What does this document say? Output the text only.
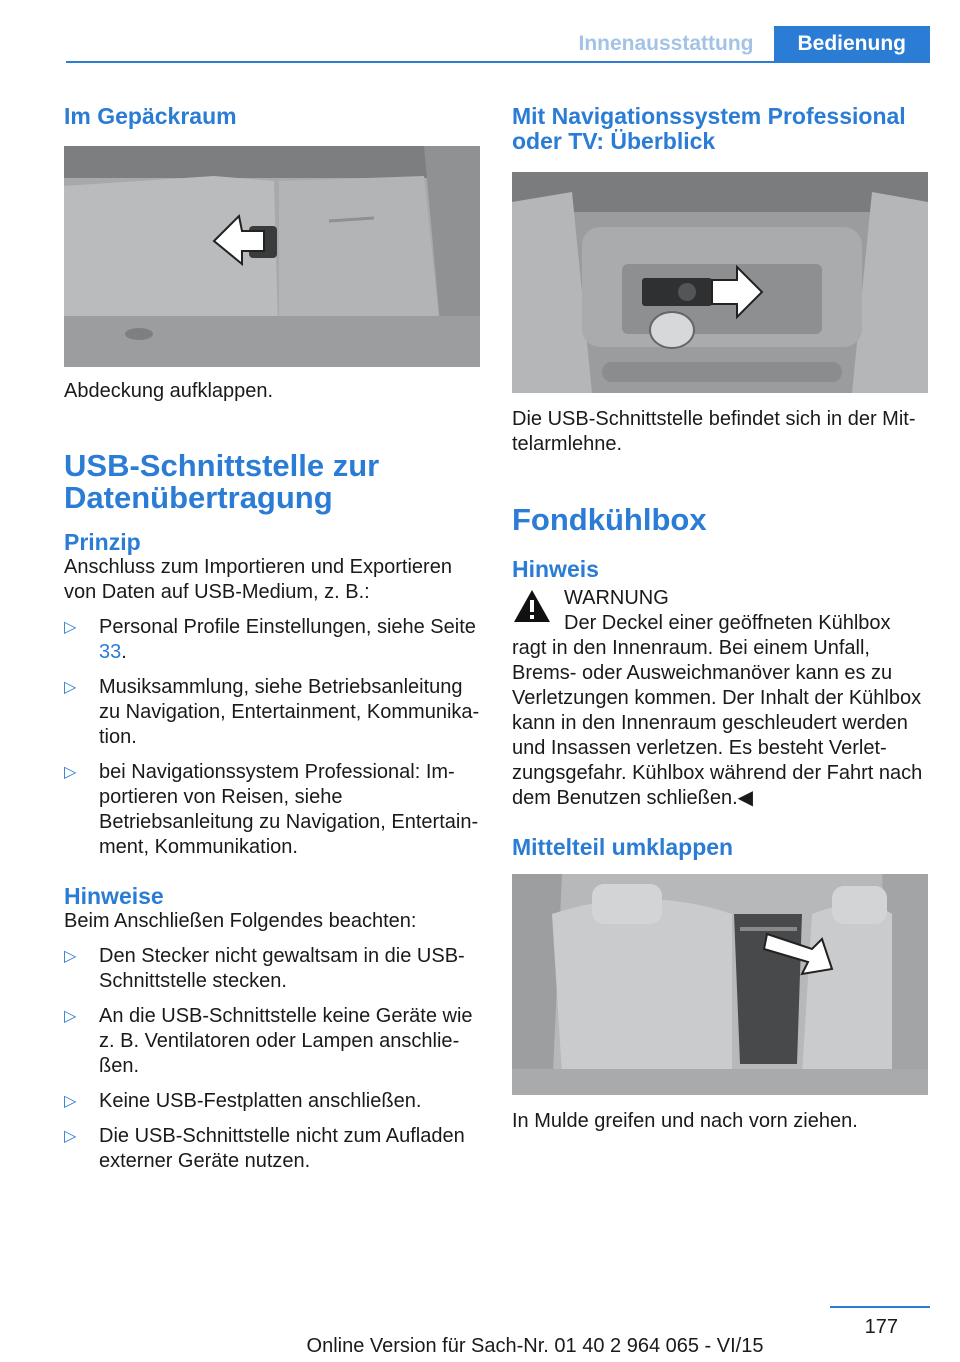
Innenausstattung	Bedienung
Im Gepäckraum

Abdeckung aufklappen.

USB-Schnittstelle zur
Datenübertragung
Prinzip

Anschluss zum Importieren und Exportieren von Daten auf USB-Medium, z. B.:

▷ Personal Profile Einstellungen, siehe Seite 33.
▷ Musiksammlung, siehe Betriebsanleitung zu Navigation, Entertainment, Kommunikation.
▷ bei Navigationssystem Professional: Importieren von Reisen, siehe Betriebsanleitung zu Navigation, Entertainment, Kommunikation.
Hinweise

Beim Anschließen Folgendes beachten:

▷ Den Stecker nicht gewaltsam in die USB-Schnittstelle stecken.
▷ An die USB-Schnittstelle keine Geräte wie z. B. Ventilatoren oder Lampen anschließen.
▷ Keine USB-Festplatten anschließen.
▷ Die USB-Schnittstelle nicht zum Aufladen externer Geräte nutzen.
Mit Navigationssystem Professional oder TV: Überblick

Die USB-Schnittstelle befindet sich in der Mittelarmlehne.

Fondkühlbox
Hinweis

WARNUNG

Der Deckel einer geöffneten Kühlbox ragt in den Innenraum. Bei einem Unfall, Brems- oder Ausweichmanöver kann es zu Verletzungen kommen. Der Inhalt der Kühlbox kann in den Innenraum geschleudert werden und Insassen verletzen. Es besteht Verletzungsgefahr. Kühlbox während der Fahrt nach dem Benutzen schließen.◀

Mittelteil umklappen

In Mulde greifen und nach vorn ziehen.

177
Online Version für Sach-Nr. 01 40 2 964 065 - VI/15
